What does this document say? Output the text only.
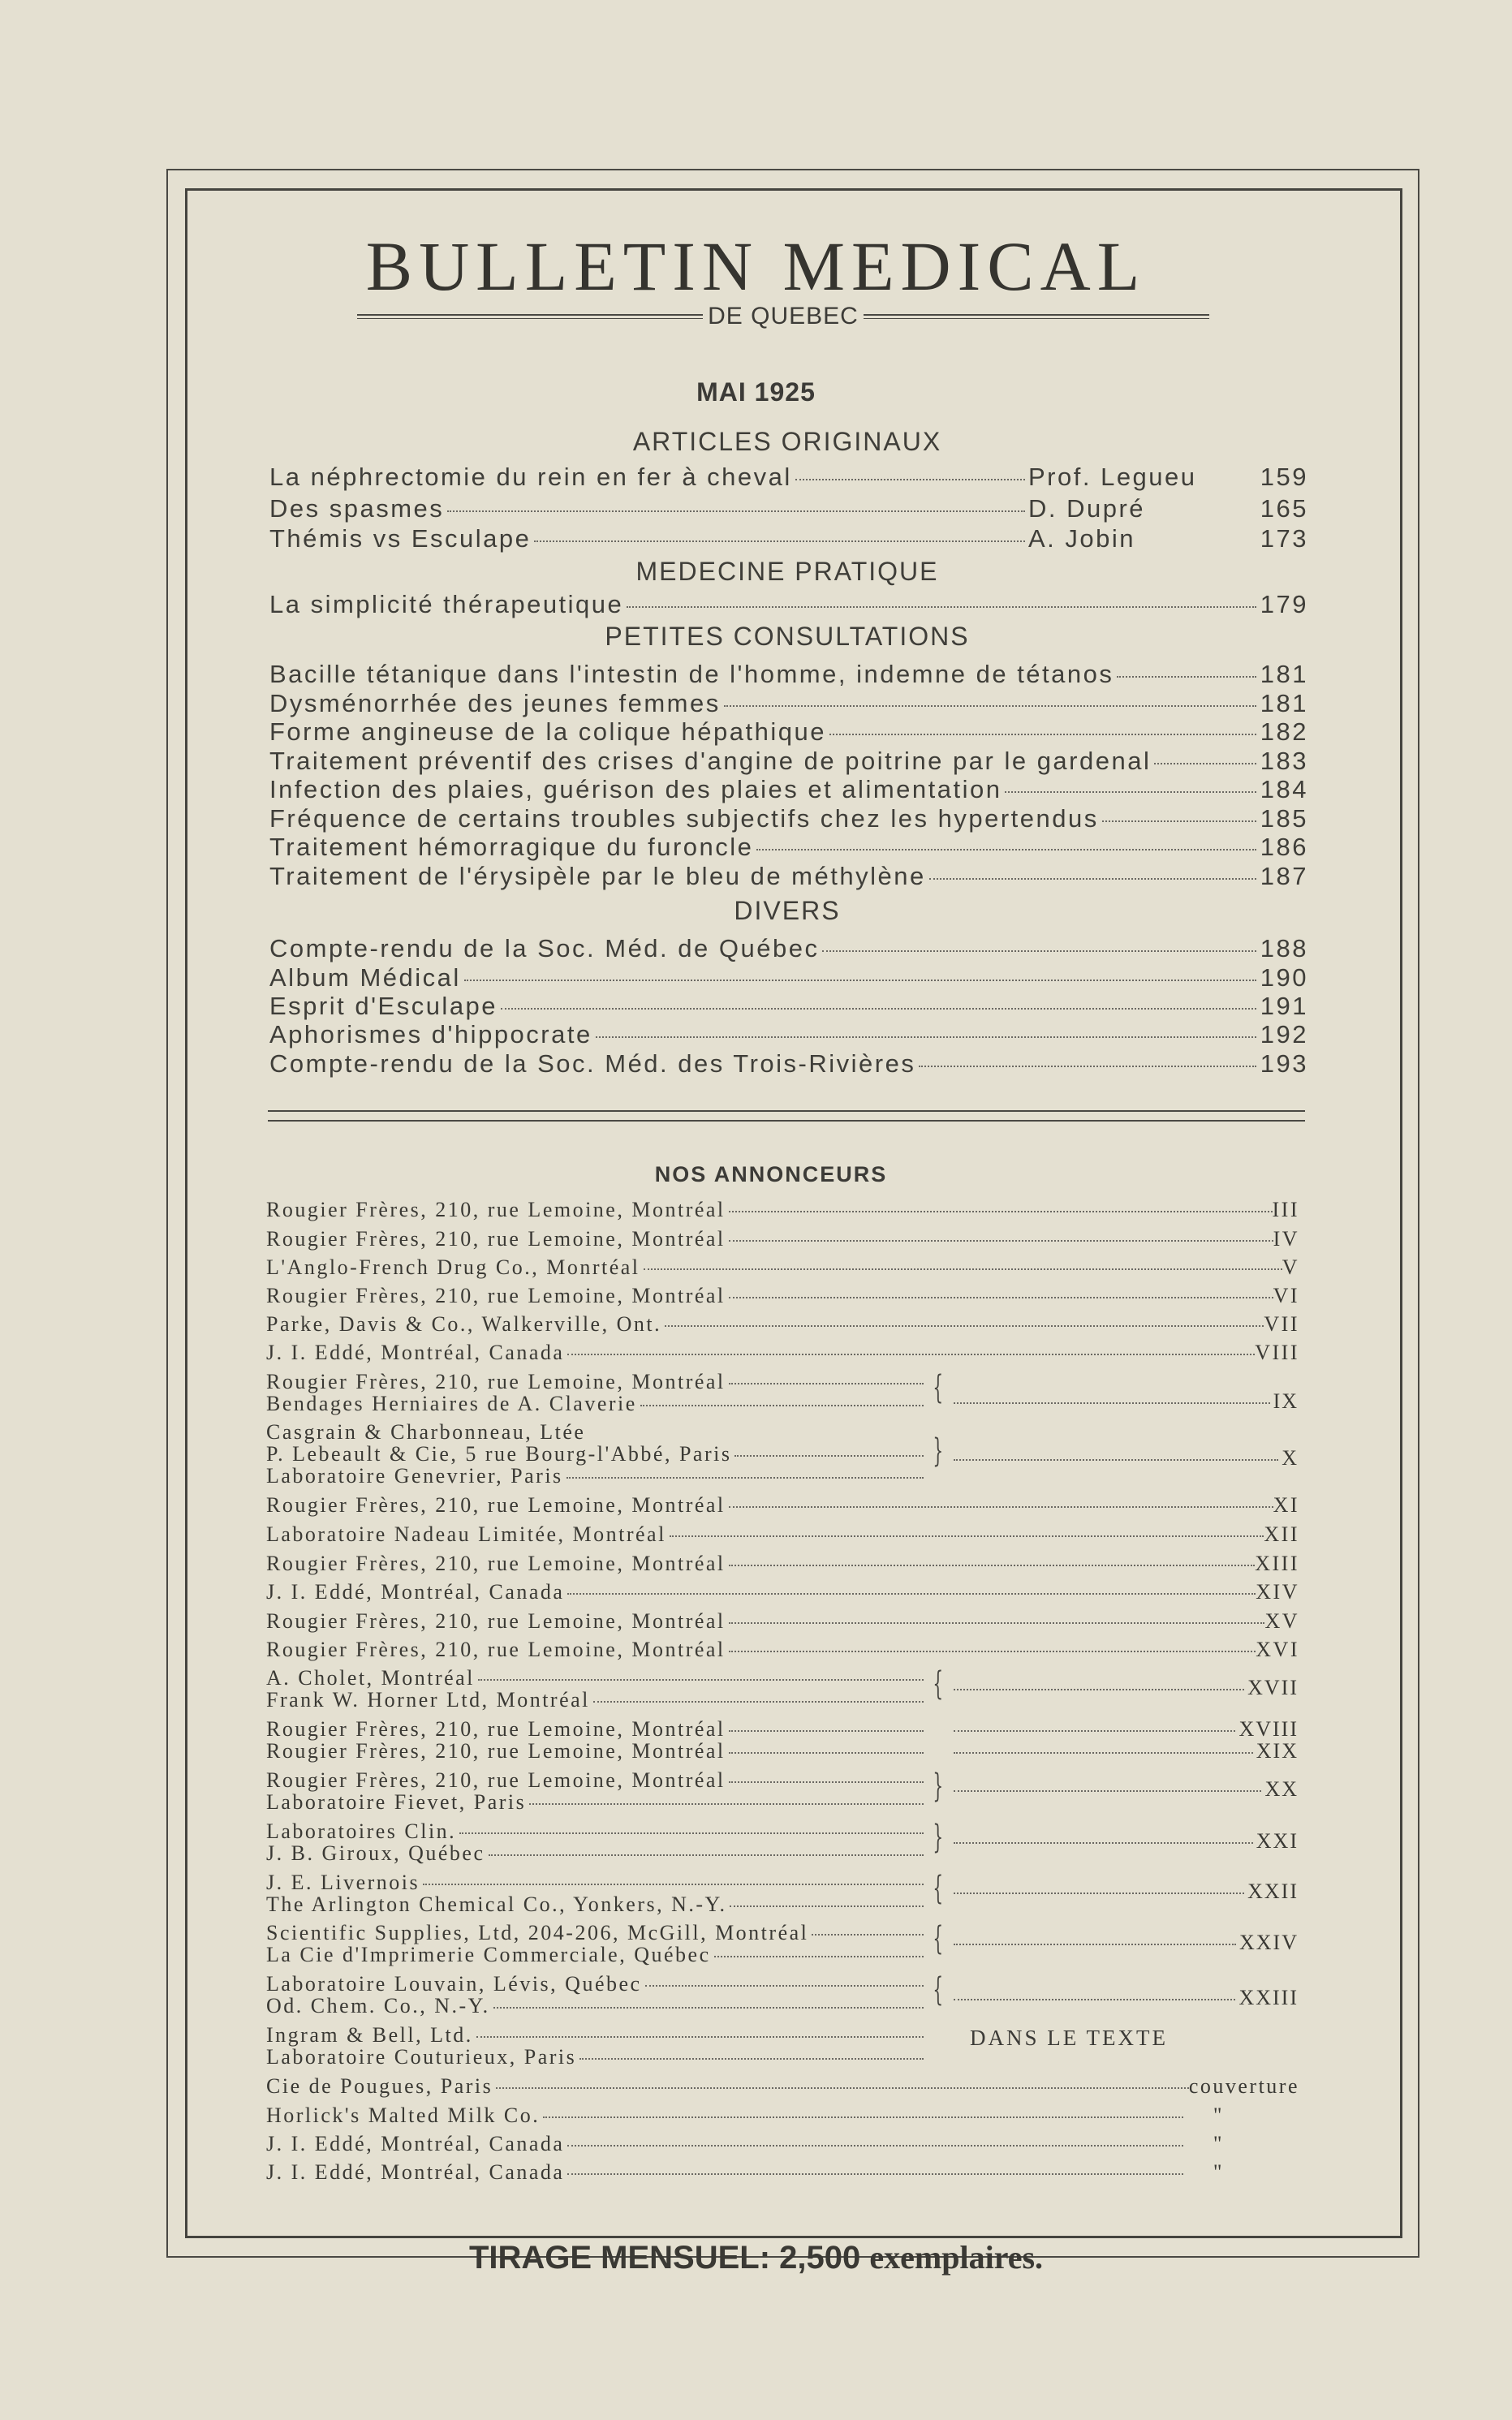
BULLETIN MEDICAL
DE QUEBEC
MAI 1925
ARTICLES ORIGINAUX
La néphrectomie du rein en fer à cheval	Prof. Legueu	159
Des spasmes	D. Dupré	165
Thémis vs Esculape	A. Jobin	173
MEDECINE PRATIQUE
La simplicité thérapeutique	179
PETITES CONSULTATIONS
Bacille tétanique dans l'intestin de l'homme, indemne de tétanos	181
Dysménorrhée des jeunes femmes	181
Forme angineuse de la colique hépathique	182
Traitement préventif des crises d'angine de poitrine par le gardenal	183
Infection des plaies, guérison des plaies et alimentation	184
Fréquence de certains troubles subjectifs chez les hypertendus	185
Traitement hémorragique du furoncle	186
Traitement de l'érysipèle par le bleu de méthylène	187
DIVERS
Compte-rendu de la Soc. Méd. de Québec	188
Album Médical	190
Esprit d'Esculape	191
Aphorismes d'hippocrate	192
Compte-rendu de la Soc. Méd. des Trois-Rivières	193
NOS ANNONCEURS
Rougier Frères, 210, rue Lemoine, Montréal	III
Rougier Frères, 210, rue Lemoine, Montréal	IV
L'Anglo-French Drug Co., Monrtéal	V
Rougier Frères, 210, rue Lemoine, Montréal	VI
Parke, Davis & Co., Walkerville, Ont.	VII
J. I. Eddé, Montréal, Canada	VIII
Rougier Frères, 210, rue Lemoine, Montréal
Bendages Herniaires de A. Claverie	{	IX
Casgrain & Charbonneau, Ltée
P. Lebeault & Cie, 5 rue Bourg-l'Abbé, Paris
Laboratoire Genevrier, Paris
}	X
Rougier Frères, 210, rue Lemoine, Montréal	XI
Laboratoire Nadeau Limitée, Montréal	XII
Rougier Frères, 210, rue Lemoine, Montréal	XIII
J. I. Eddé, Montréal, Canada	XIV
Rougier Frères, 210, rue Lemoine, Montréal	XV
Rougier Frères, 210, rue Lemoine, Montréal	XVI
A. Cholet, Montréal
Frank W. Horner Ltd, Montréal	{	XVII
Rougier Frères, 210, rue Lemoine, Montréal	XVIII
Rougier Frères, 210, rue Lemoine, Montréal	XIX
Rougier Frères, 210, rue Lemoine, Montréal
Laboratoire Fievet, Paris	}	XX
Laboratoires Clin.
J. B. Giroux, Québec	}	XXI
J. E. Livernois
The Arlington Chemical Co., Yonkers, N.-Y.	{	XXII
Scientific Supplies, Ltd, 204-206, McGill, Montréal
La Cie d'Imprimerie Commerciale, Québec	{	XXIV
Laboratoire Louvain, Lévis, Québec
Od. Chem. Co., N.-Y.	{	XXIII
Ingram & Bell, Ltd.
Laboratoire Couturieux, Paris
DANS LE TEXTE
Cie de Pougues, Paris	couverture
Horlick's Malted Milk Co.	"
J. I. Eddé, Montréal, Canada	"
J. I. Eddé, Montréal, Canada	"
TIRAGE MENSUEL: 2,500 exemplaires.
